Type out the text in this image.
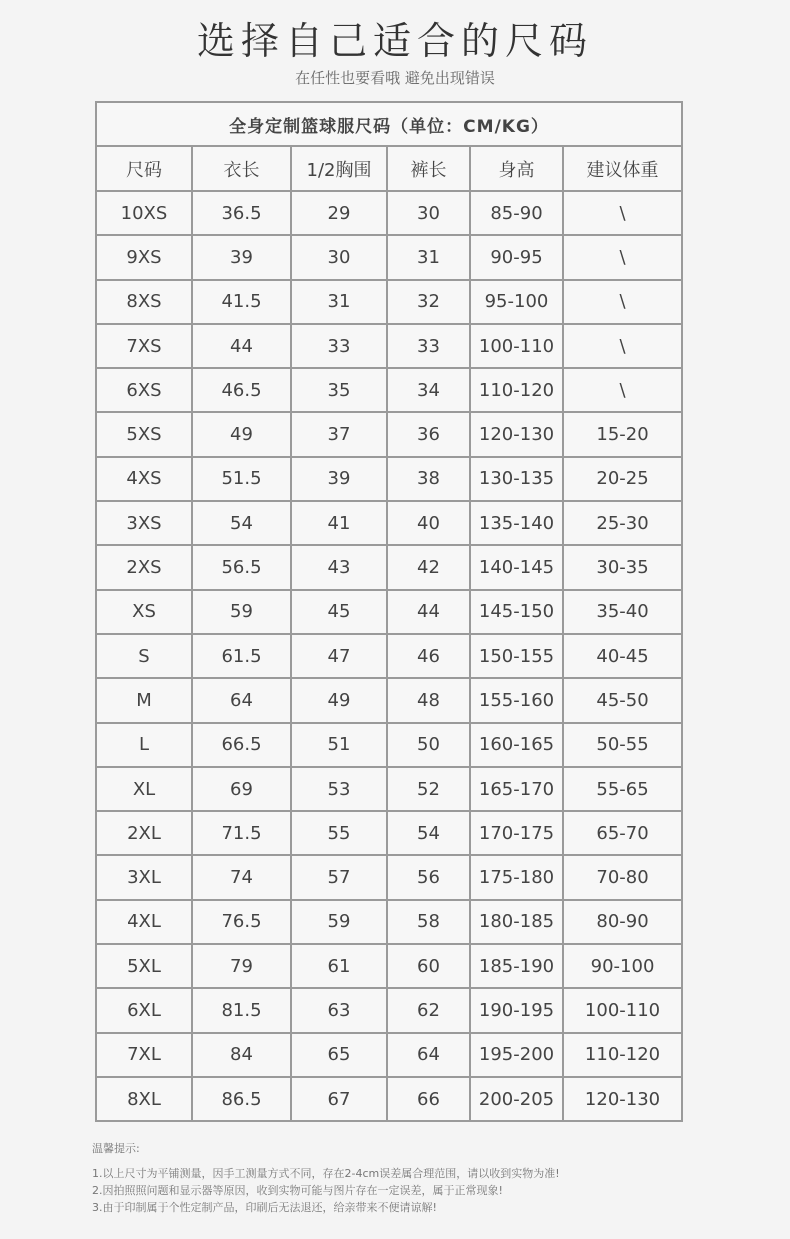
选择自己适合的尺码
在任性也要看哦 避免出现错误
全身定制篮球服尺码（单位：CM/KG）					
尺码	衣长	1/2胸围	裤长	身高	建议体重
10XS	36.5	29	30	85-90	\
9XS	39	30	31	90-95	\
8XS	41.5	31	32	95-100	\
7XS	44	33	33	100-110	\
6XS	46.5	35	34	110-120	\
5XS	49	37	36	120-130	15-20
4XS	51.5	39	38	130-135	20-25
3XS	54	41	40	135-140	25-30
2XS	56.5	43	42	140-145	30-35
XS	59	45	44	145-150	35-40
S	61.5	47	46	150-155	40-45
M	64	49	48	155-160	45-50
L	66.5	51	50	160-165	50-55
XL	69	53	52	165-170	55-65
2XL	71.5	55	54	170-175	65-70
3XL	74	57	56	175-180	70-80
4XL	76.5	59	58	180-185	80-90
5XL	79	61	60	185-190	90-100
6XL	81.5	63	62	190-195	100-110
7XL	84	65	64	195-200	110-120
8XL	86.5	67	66	200-205	120-130
温馨提示:
1.以上尺寸为平铺测量，因手工测量方式不同，存在2-4cm误差属合理范围，请以收到实物为准!
2.因拍照照问题和显示器等原因，收到实物可能与图片存在一定误差，属于正常现象!
3.由于印制属于个性定制产品，印刷后无法退还，给亲带来不便请谅解!
